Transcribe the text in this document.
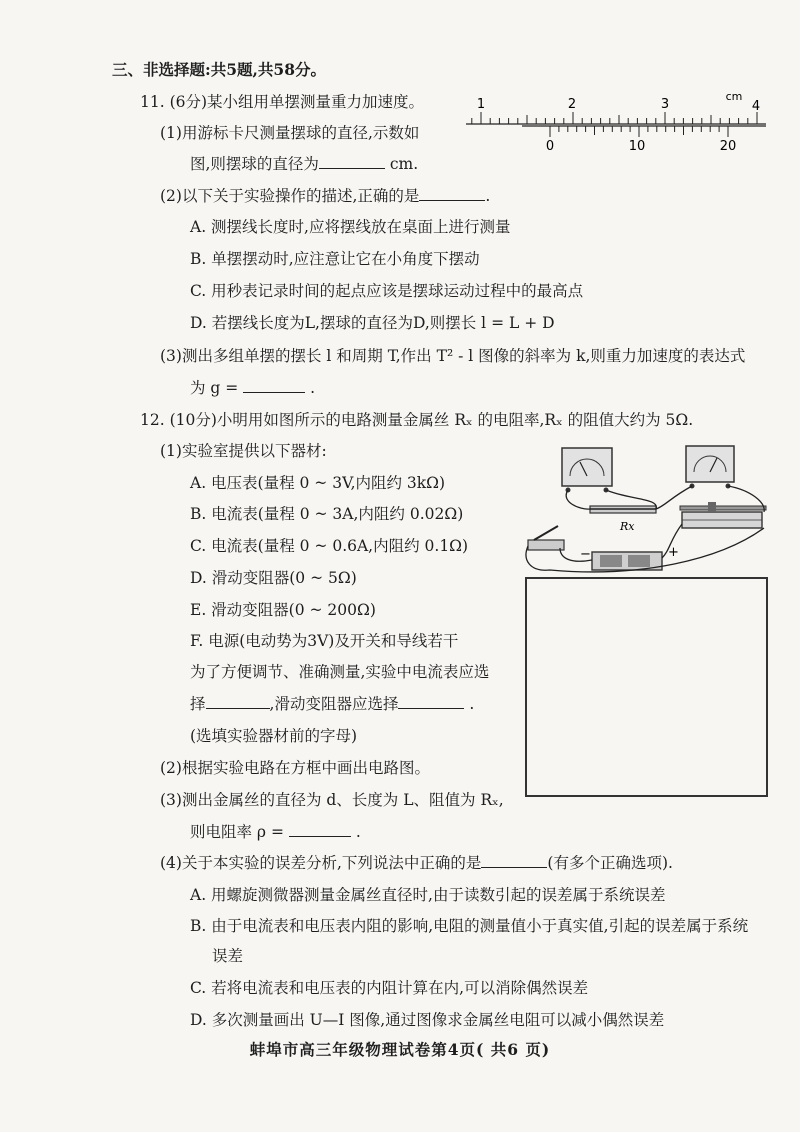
三、非选择题:共5题,共58分。
11. (6分)某小组用单摆测量重力加速度。
(1)用游标卡尺测量摆球的直径,示数如
图,则摆球的直径为	cm.
(2)以下关于实验操作的描述,正确的是	.
A. 测摆线长度时,应将摆线放在桌面上进行测量
B. 单摆摆动时,应注意让它在小角度下摆动
C. 用秒表记录时间的起点应该是摆球运动过程中的最高点
D. 若摆线长度为L,摆球的直径为D,则摆长 l = L + D
(3)测出多组单摆的摆长 l 和周期 T,作出 T² - l 图像的斜率为 k,则重力加速度的表达式
为 g =	.
1	2	3	4
cm
0	10	20
12. (10分)小明用如图所示的电路测量金属丝 Rₓ 的电阻率,Rₓ 的阻值大约为 5Ω.
(1)实验室提供以下器材:
A. 电压表(量程 0 ~ 3V,内阻约 3kΩ)
B. 电流表(量程 0 ~ 3A,内阻约 0.02Ω)
C. 电流表(量程 0 ~ 0.6A,内阻约 0.1Ω)
D. 滑动变阻器(0 ~ 5Ω)
E. 滑动变阻器(0 ~ 200Ω)
F. 电源(电动势为3V)及开关和导线若干
为了方便调节、准确测量,实验中电流表应选
择	,滑动变阻器应选择	.
(选填实验器材前的字母)
(2)根据实验电路在方框中画出电路图。
(3)测出金属丝的直径为 d、长度为 L、阻值为 Rₓ,
则电阻率 ρ =	.
(4)关于本实验的误差分析,下列说法中正确的是	(有多个正确选项).
A. 用螺旋测微器测量金属丝直径时,由于读数引起的误差属于系统误差
B. 由于电流表和电压表内阻的影响,电阻的测量值小于真实值,引起的误差属于系统
误差
C. 若将电流表和电压表的内阻计算在内,可以消除偶然误差
D. 多次测量画出 U—I 图像,通过图像求金属丝电阻可以减小偶然误差
Rx
−	+
蚌埠市高三年级物理试卷第4页( 共6 页)
